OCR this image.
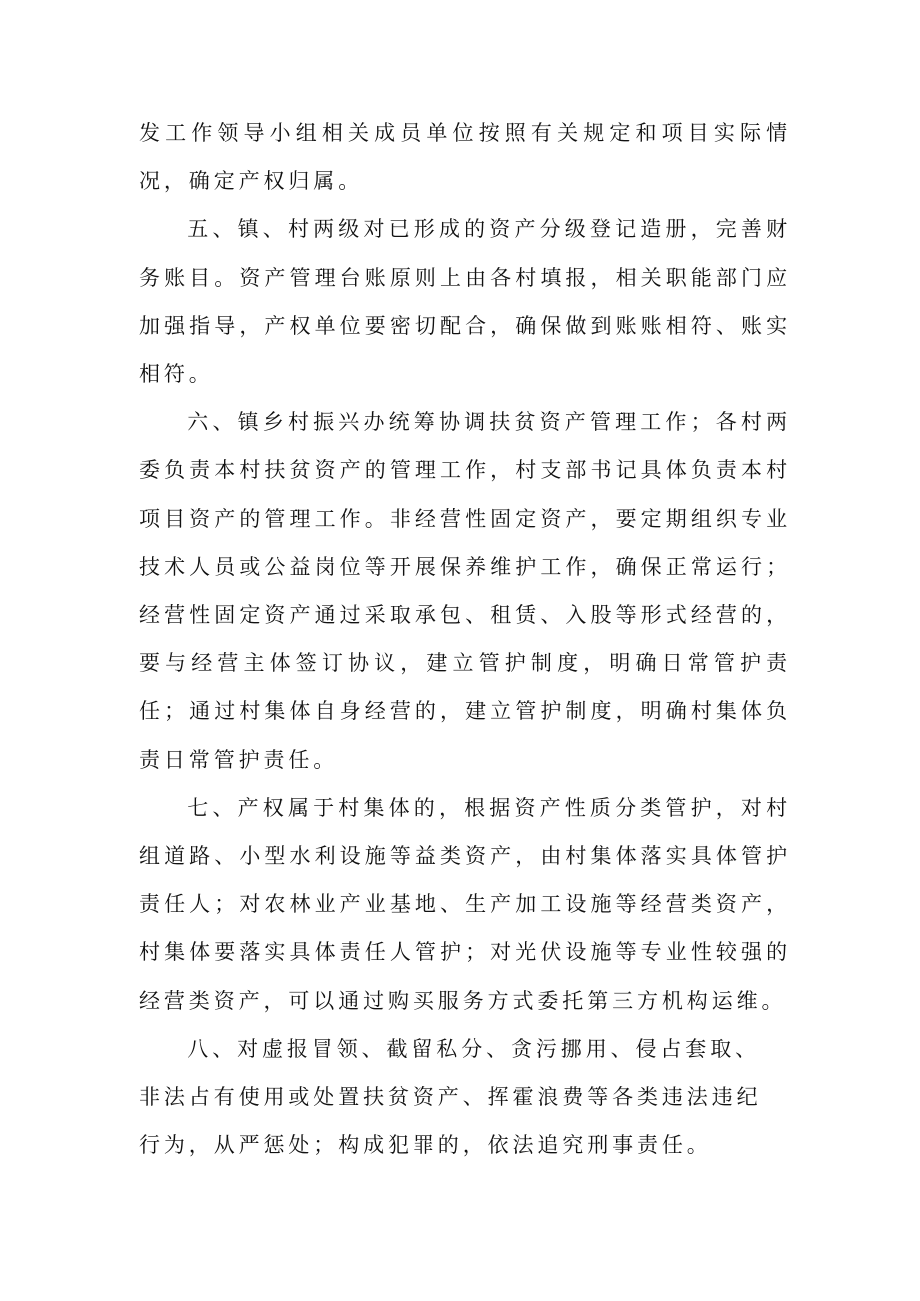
发工作领导小组相关成员单位按照有关规定和项目实际情况，确定产权归属。

五、镇、村两级对已形成的资产分级登记造册，完善财务账目。资产管理台账原则上由各村填报，相关职能部门应加强指导，产权单位要密切配合，确保做到账账相符、账实相符。

六、镇乡村振兴办统筹协调扶贫资产管理工作；各村两委负责本村扶贫资产的管理工作，村支部书记具体负责本村项目资产的管理工作。非经营性固定资产，要定期组织专业技术人员或公益岗位等开展保养维护工作，确保正常运行；经营性固定资产通过采取承包、租赁、入股等形式经营的，要与经营主体签订协议，建立管护制度，明确日常管护责任；通过村集体自身经营的，建立管护制度，明确村集体负责日常管护责任。

七、产权属于村集体的，根据资产性质分类管护，对村组道路、小型水利设施等益类资产，由村集体落实具体管护责任人；对农林业产业基地、生产加工设施等经营类资产，村集体要落实具体责任人管护；对光伏设施等专业性较强的经营类资产，可以通过购买服务方式委托第三方机构运维。

八、对虚报冒领、截留私分、贪污挪用、侵占套取、非法占有使用或处置扶贫资产、挥霍浪费等各类违法违纪行为，从严惩处；构成犯罪的，依法追究刑事责任。
